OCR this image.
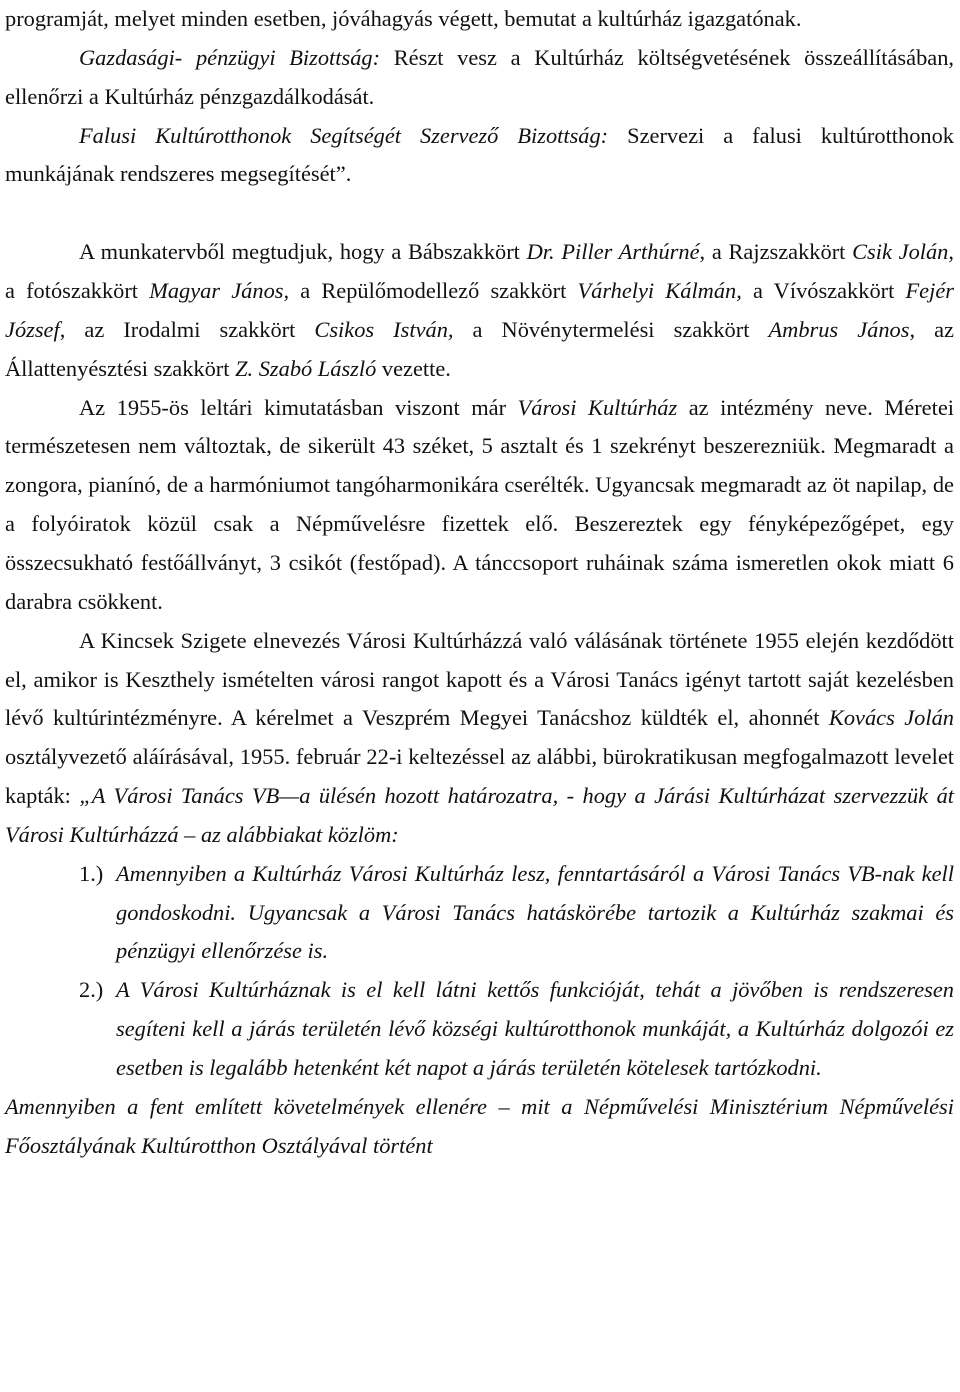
programját, melyet minden esetben, jóváhagyás végett, bemutat a kultúrház igazgatónak.

Gazdasági- pénzügyi Bizottság: Részt vesz a Kultúrház költségvetésének összeállításában, ellenőrzi a Kultúrház pénzgazdálkodását.

Falusi Kultúrotthonok Segítségét Szervező Bizottság: Szervezi a falusi kultúrotthonok munkájának rendszeres megsegítését”.

A munkatervből megtudjuk, hogy a Bábszakkört Dr. Piller Arthúrné, a Rajzszakkört Csik Jolán, a fotószakkört Magyar János, a Repülőmodellező szakkört Várhelyi Kálmán, a Vívószakkört Fejér József, az Irodalmi szakkört Csikos István, a Növénytermelési szakkört Ambrus János, az Állattenyésztési szakkört Z. Szabó László vezette.

Az 1955-ös leltári kimutatásban viszont már Városi Kultúrház az intézmény neve. Méretei természetesen nem változtak, de sikerült 43 széket, 5 asztalt és 1 szekrényt beszerezniük. Megmaradt a zongora, pianínó, de a harmóniumot tangóharmonikára cserélték. Ugyancsak megmaradt az öt napilap, de a folyóiratok közül csak a Népművelésre fizettek elő. Beszereztek egy fényképezőgépet, egy összecsukható festőállványt, 3 csikót (festőpad). A tánccsoport ruháinak száma ismeretlen okok miatt 6 darabra csökkent.

A Kincsek Szigete elnevezés Városi Kultúrházzá való válásának története 1955 elején kezdődött el, amikor is Keszthely ismételten városi rangot kapott és a Városi Tanács igényt tartott saját kezelésben lévő kultúrintézményre. A kérelmet a Veszprém Megyei Tanácshoz küldték el, ahonnét Kovács Jolán osztályvezető aláírásával, 1955. február 22-i keltezéssel az alábbi, bürokratikusan megfogalmazott levelet kapták: „A Városi Tanács VB—a ülésén hozott határozatra, - hogy a Járási Kultúrházat szervezzük át Városi Kultúrházzá – az alábbiakat közlöm:

1.) Amennyiben a Kultúrház Városi Kultúrház lesz, fenntartásáról a Városi Tanács VB-nak kell gondoskodni. Ugyancsak a Városi Tanács hatáskörébe tartozik a Kultúrház szakmai és pénzügyi ellenőrzése is.
2.) A Városi Kultúrháznak is el kell látni kettős funkcióját, tehát a jövőben is rendszeresen segíteni kell a járás területén lévő községi kultúrotthonok munkáját, a Kultúrház dolgozói ez esetben is legalább hetenként két napot a járás területén kötelesek tartózkodni.

Amennyiben a fent említett követelmények ellenére – mit a Népművelési Minisztérium Népművelési Főosztályának Kultúrotthon Osztályával történt
